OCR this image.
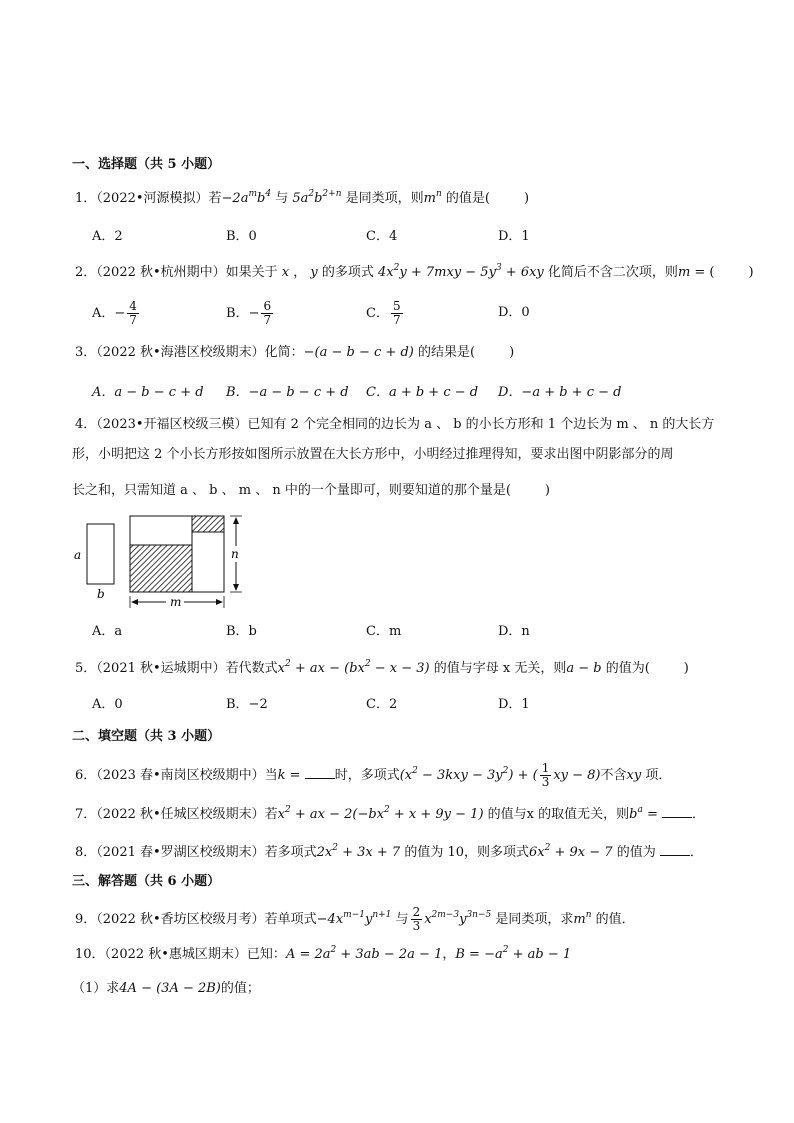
一、选择题（共 5 小题）
1．（2022•河源模拟）若$-2a^mb^4$ 与 $5a^2b^{2+n}$ 是同类项，则$m^n$ 的值是(	)
A．2	B．0	C．4	D．1
2．（2022 秋•杭州期中）如果关于 x ， y 的多项式 $4x^2y + 7mxy - 5y^3 + 6xy$ 化简后不含二次项，则m = (	)
A．− $\frac{4}{7}$	B．− $\frac{6}{7}$	C． $\frac{5}{7}$	D．0
3．（2022 秋•海港区校级期末）化简：−(a − b − c + d) 的结果是(	)
A．a − b − c + d B．−a − b − c + d C．a + b + c − d D．−a + b + c − d
4．（2023•开福区校级三模）已知有 2 个完全相同的边长为 a 、 b 的小长方形和 1 个边长为 m 、 n 的大长方
形，小明把这 2 个小长方形按如图所示放置在大长方形中，小明经过推理得知，要求出图中阴影部分的周
长之和，只需知道 a 、 b 、 m 、 n 中的一个量即可，则要知道的那个量是(	)
a
b
n
m
A．a	B．b	C．m	D．n
5．（2021 秋•运城期中）若代数式$x^2$ + ax − $(bx^2 - x - 3)$ 的值与字母 x 无关，则a − b 的值为(	)
A．0	B．−2	C．2	D．1
二、填空题（共 3 小题）
6．（2023 春•南岗区校级期中）当k = 时，多项式$(x^2 - 3kxy - 3y^2)$ + ( $\frac{1}{3}$ xy − 8)不含xy 项．
7．（2022 秋•任城区校级期末）若$x^2$ + ax − $2(-bx^2 + x + 9y - 1)$ 的值与x 的取值无关，则$b^a$ = ．
8．（2021 春•罗湖区校级期末）若多项式$2x^2 + 3x + 7$ 的值为 10，则多项式$6x^2 + 9x - 7$ 的值为	．
三、解答题（共 6 小题）
9．（2022 秋•香坊区校级月考）若单项式$-4x^{m-1}y^{n+1}$ 与 $\frac{2}{3} x^{2m-3}y^{3n-5}$ 是同类项，求$m^n$ 的值．
10．（2022 秋•惠城区期末）已知：$A = 2a^2 + 3ab - 2a - 1$，$B = -a^2$ + ab − 1
（1）求4A − (3A − 2B)的值；
